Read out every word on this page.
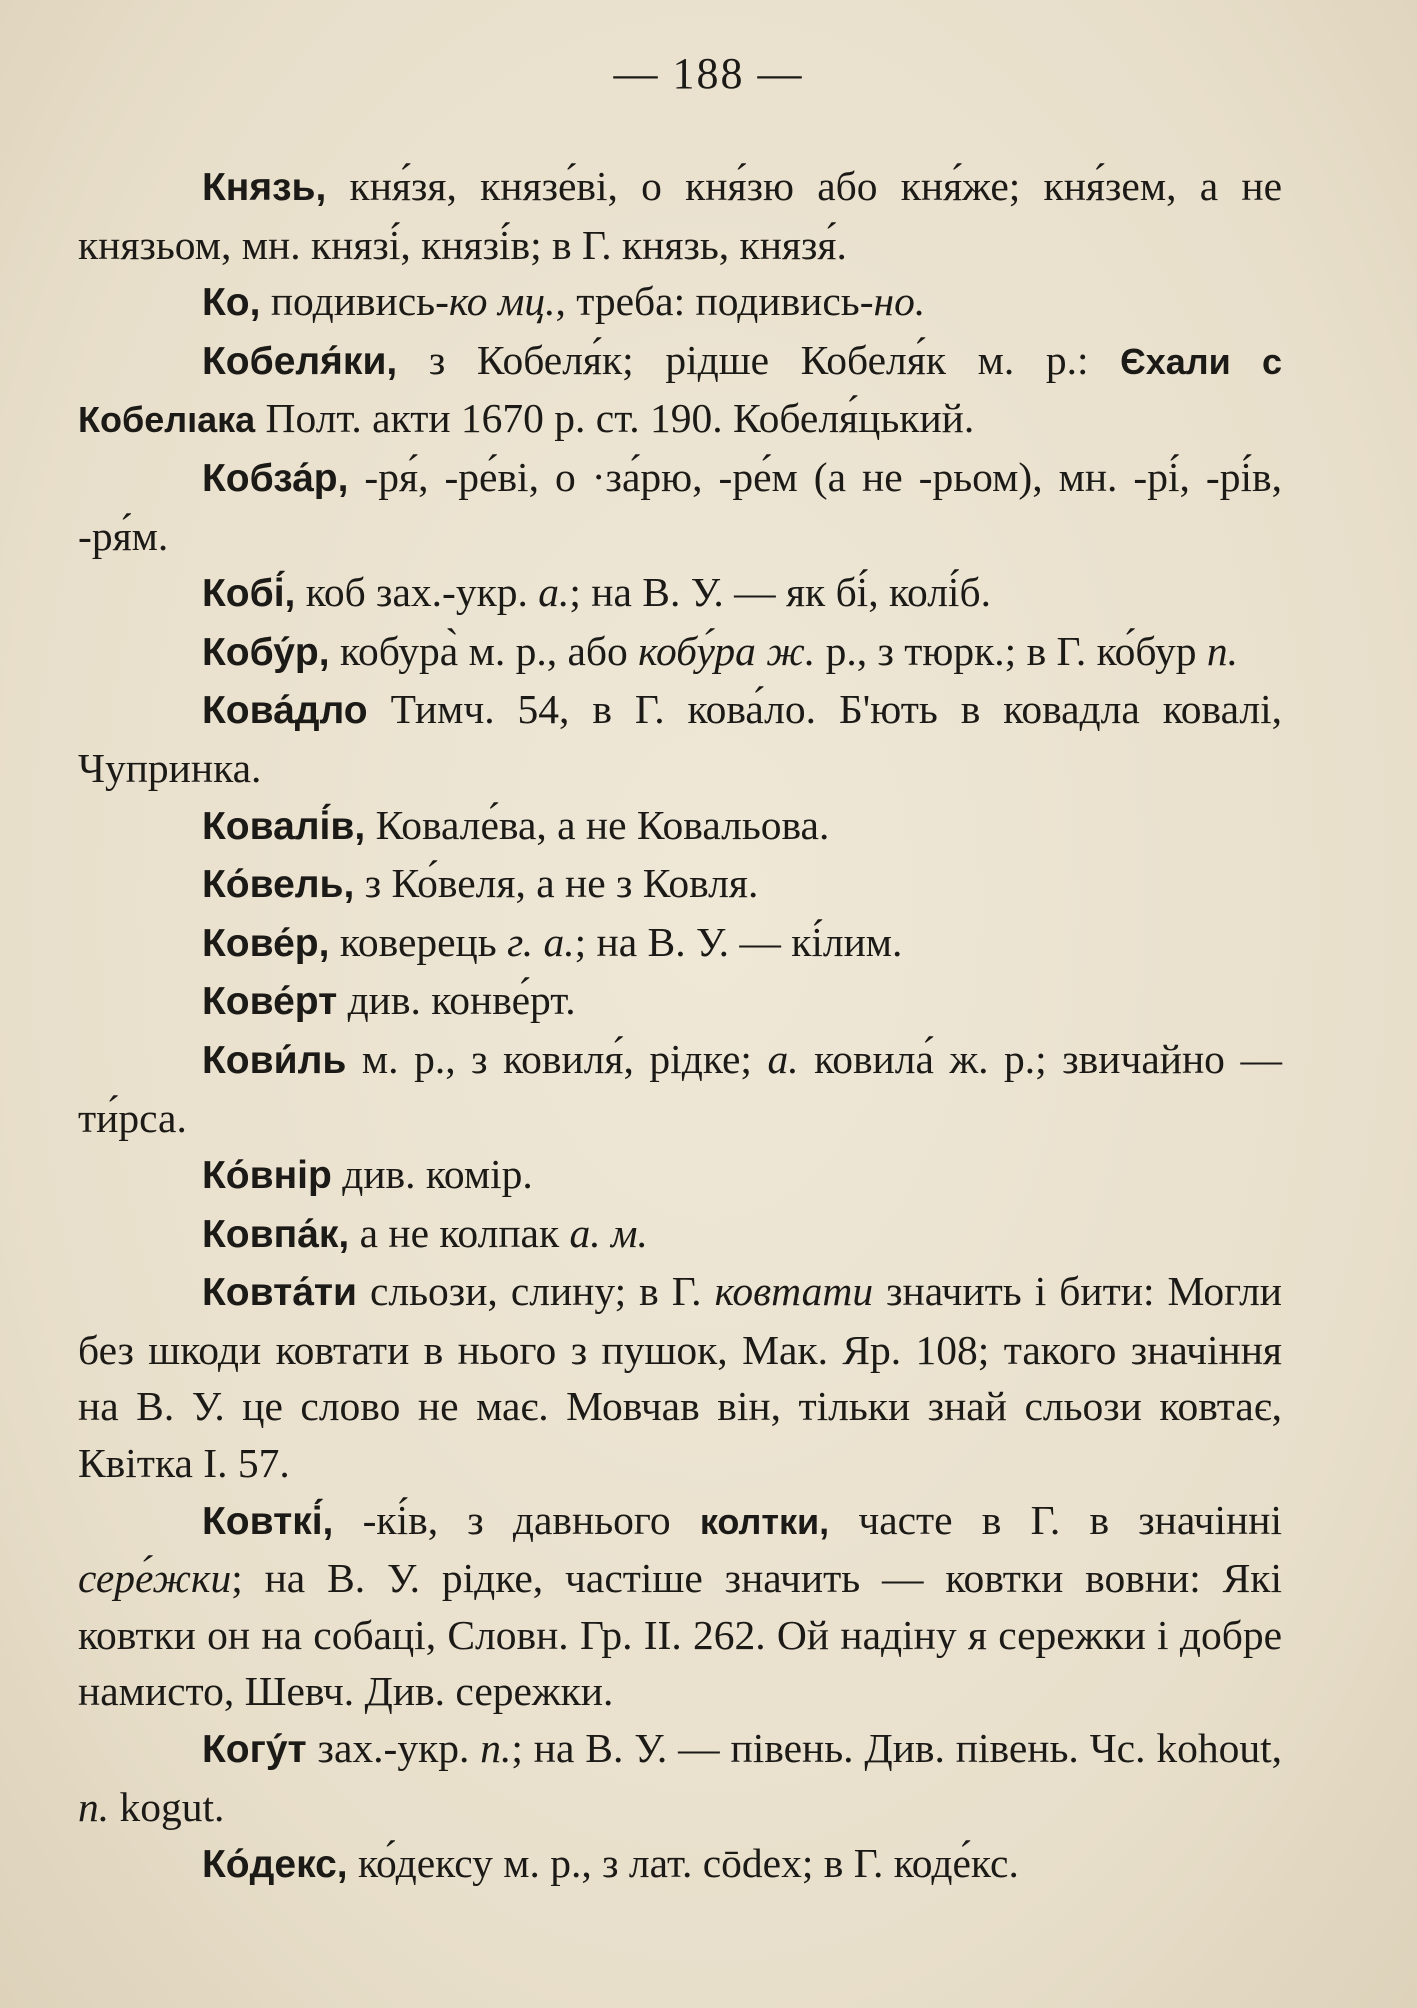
— 188 —

Князь, кня́зя, князе́ві, о кня́зю або кня́же; кня́зем, а не князьом, мн. князі́, князі́в; в Г. князь, князя́.

Ко, подивись-ко мц., треба: подивись-но.

Кобеля́ки, з Кобеля́к; рідше Кобеля́к м. р.: Єхали с Кобелıака Полт. акти 1670 р. ст. 190. Кобеля́цький.

Кобза́р, -ря́, -ре́ві, о ·за́рю, -ре́м (а не -рьом), мн. -рі́, -рі́в, -ря́м.

Кобі́, коб зах.-укр. а.; на В. У. — як бі́, колі́б.

Кобу́р, кобура̀ м. р., або кобу́ра ж. р., з тюрк.; в Г. ко́бур п.

Кова́дло Тимч. 54, в Г. кова́ло. Б'ють в ковадла ковалі, Чупринка.

Ковалі́в, Ковале́ва, а не Ковальова.

Ко́вель, з Ко́веля, а не з Ковля.

Кове́р, коверець г. а.; на В. У. — кі́лим.

Кове́рт див. конве́рт.

Кови́ль м. р., з ковиля́, рідке; а. ковила́ ж. р.; звичайно — ти́рса.

Ко́внір див. комір.

Ковпа́к, а не колпак а. м.

Ковта́ти сльози, слину; в Г. ковтати значить і бити: Могли без шкоди ковтати в нього з пушок, Мак. Яр. 108; такого значіння на В. У. це слово не має. Мовчав він, тільки знай сльози ковтає, Квітка І. 57.

Ковткі́, -кі́в, з давнього колтки, часте в Г. в значінні сере́жки; на В. У. рідке, частіше значить — ковтки вовни: Які ковтки он на собаці, Словн. Гр. ІІ. 262. Ой надіну я сережки і добре намисто, Шевч. Див. сережки.

Когу́т зах.-укр. п.; на В. У. — півень. Див. півень. Чс. kohout, п. kogut.

Ко́декс, ко́дексу м. р., з лат. cōdex; в Г. коде́кс.
